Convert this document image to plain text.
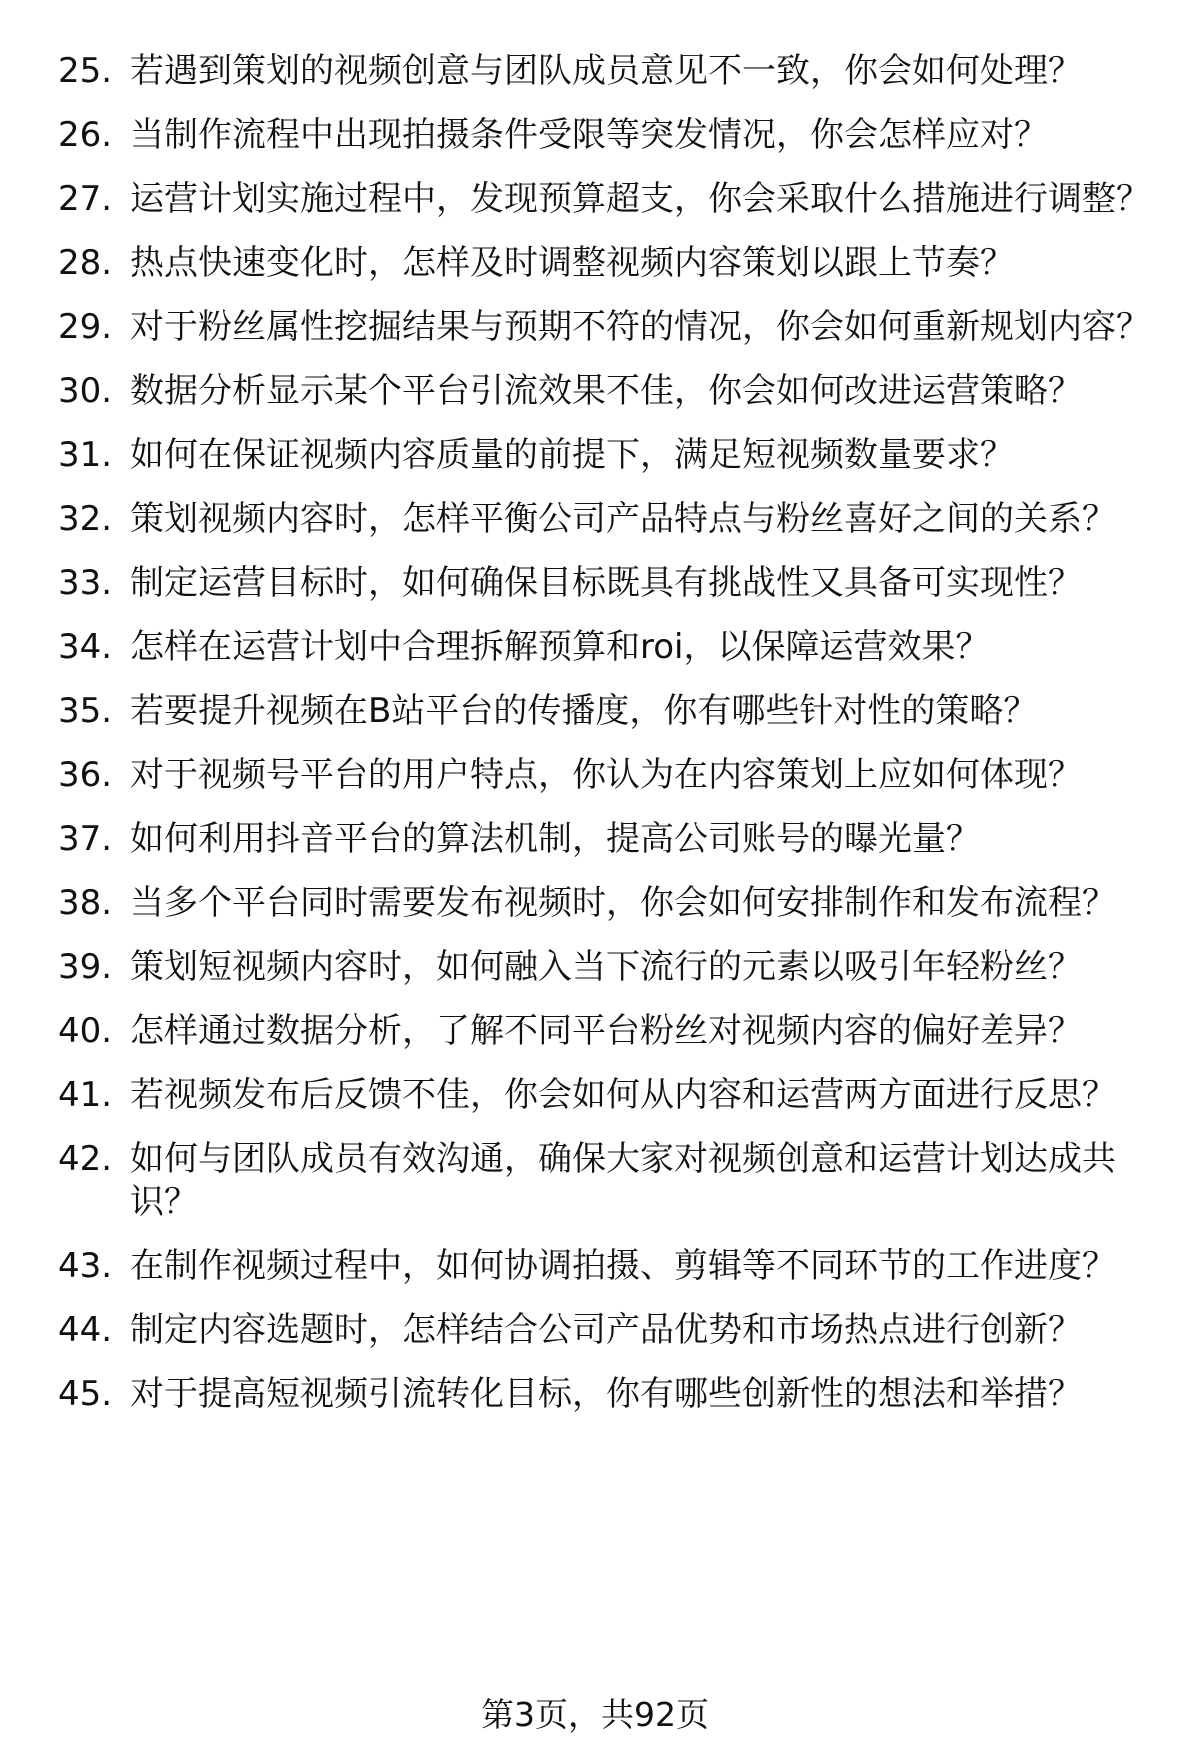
25. 若遇到策划的视频创意与团队成员意见不一致，你会如何处理？
26. 当制作流程中出现拍摄条件受限等突发情况，你会怎样应对？
27. 运营计划实施过程中，发现预算超支，你会采取什么措施进行调整？
28. 热点快速变化时，怎样及时调整视频内容策划以跟上节奏？
29. 对于粉丝属性挖掘结果与预期不符的情况，你会如何重新规划内容？
30. 数据分析显示某个平台引流效果不佳，你会如何改进运营策略？
31. 如何在保证视频内容质量的前提下，满足短视频数量要求？
32. 策划视频内容时，怎样平衡公司产品特点与粉丝喜好之间的关系？
33. 制定运营目标时，如何确保目标既具有挑战性又具备可实现性？
34. 怎样在运营计划中合理拆解预算和roi，以保障运营效果？
35. 若要提升视频在B站平台的传播度，你有哪些针对性的策略？
36. 对于视频号平台的用户特点，你认为在内容策划上应如何体现？
37. 如何利用抖音平台的算法机制，提高公司账号的曝光量？
38. 当多个平台同时需要发布视频时，你会如何安排制作和发布流程？
39. 策划短视频内容时，如何融入当下流行的元素以吸引年轻粉丝？
40. 怎样通过数据分析，了解不同平台粉丝对视频内容的偏好差异？
41. 若视频发布后反馈不佳，你会如何从内容和运营两方面进行反思？
42. 如何与团队成员有效沟通，确保大家对视频创意和运营计划达成共识？
43. 在制作视频过程中，如何协调拍摄、剪辑等不同环节的工作进度？
44. 制定内容选题时，怎样结合公司产品优势和市场热点进行创新？
45. 对于提高短视频引流转化目标，你有哪些创新性的想法和举措？
第3页，共92页
